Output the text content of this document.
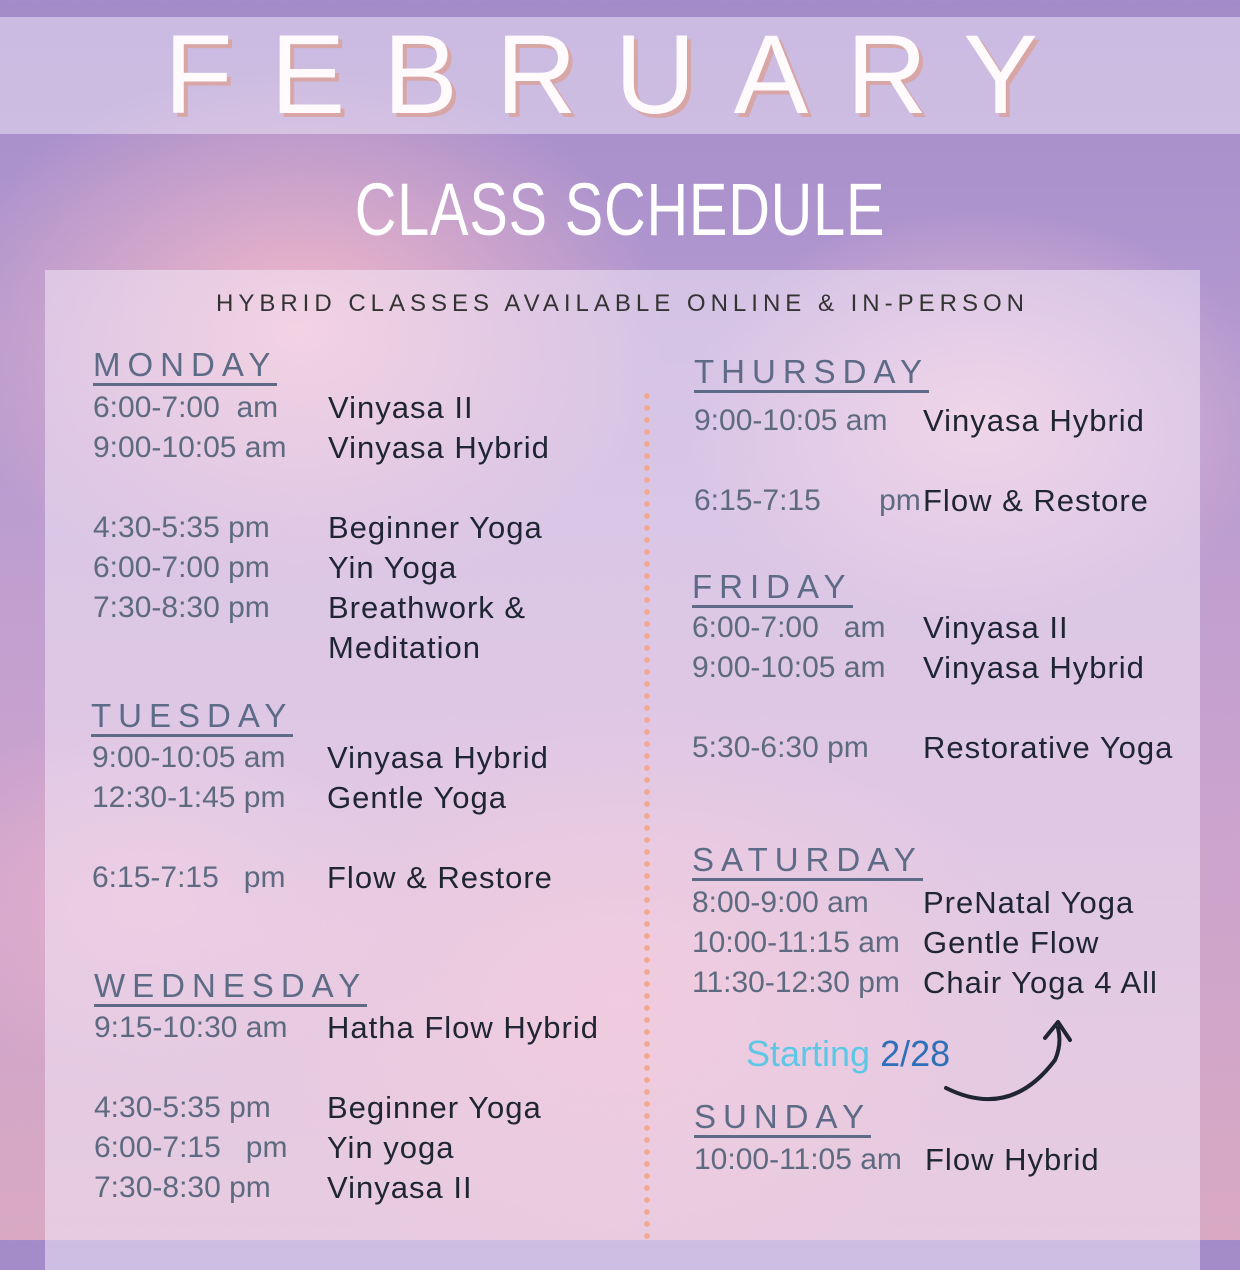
FEBRUARY
CLASS SCHEDULE
HYBRID CLASSES AVAILABLE ONLINE & IN-PERSON
MONDAY
6:00-7:00  am Vinyasa II
9:00-10:05 am Vinyasa Hybrid
4:30-5:35 pm Beginner Yoga
6:00-7:00 pm Yin Yoga
7:30-8:30 pm Breathwork &
Meditation
TUESDAY
9:00-10:05 am Vinyasa Hybrid
12:30-1:45 pm Gentle Yoga
6:15-7:15   pm Flow & Restore
WEDNESDAY
9:15-10:30 am Hatha Flow Hybrid
4:30-5:35 pm Beginner Yoga
6:00-7:15   pm Yin yoga
7:30-8:30 pm Vinyasa II
THURSDAY
9:00-10:05 am Vinyasa Hybrid
6:15-7:15       pm Flow & Restore
FRIDAY
6:00-7:00   am Vinyasa II
9:00-10:05 am Vinyasa Hybrid
5:30-6:30 pm Restorative Yoga
SATURDAY
8:00-9:00 am PreNatal Yoga
10:00-11:15 am Gentle Flow
11:30-12:30 pm Chair Yoga 4 All
Starting 2/28
SUNDAY
10:00-11:05 am Flow Hybrid
